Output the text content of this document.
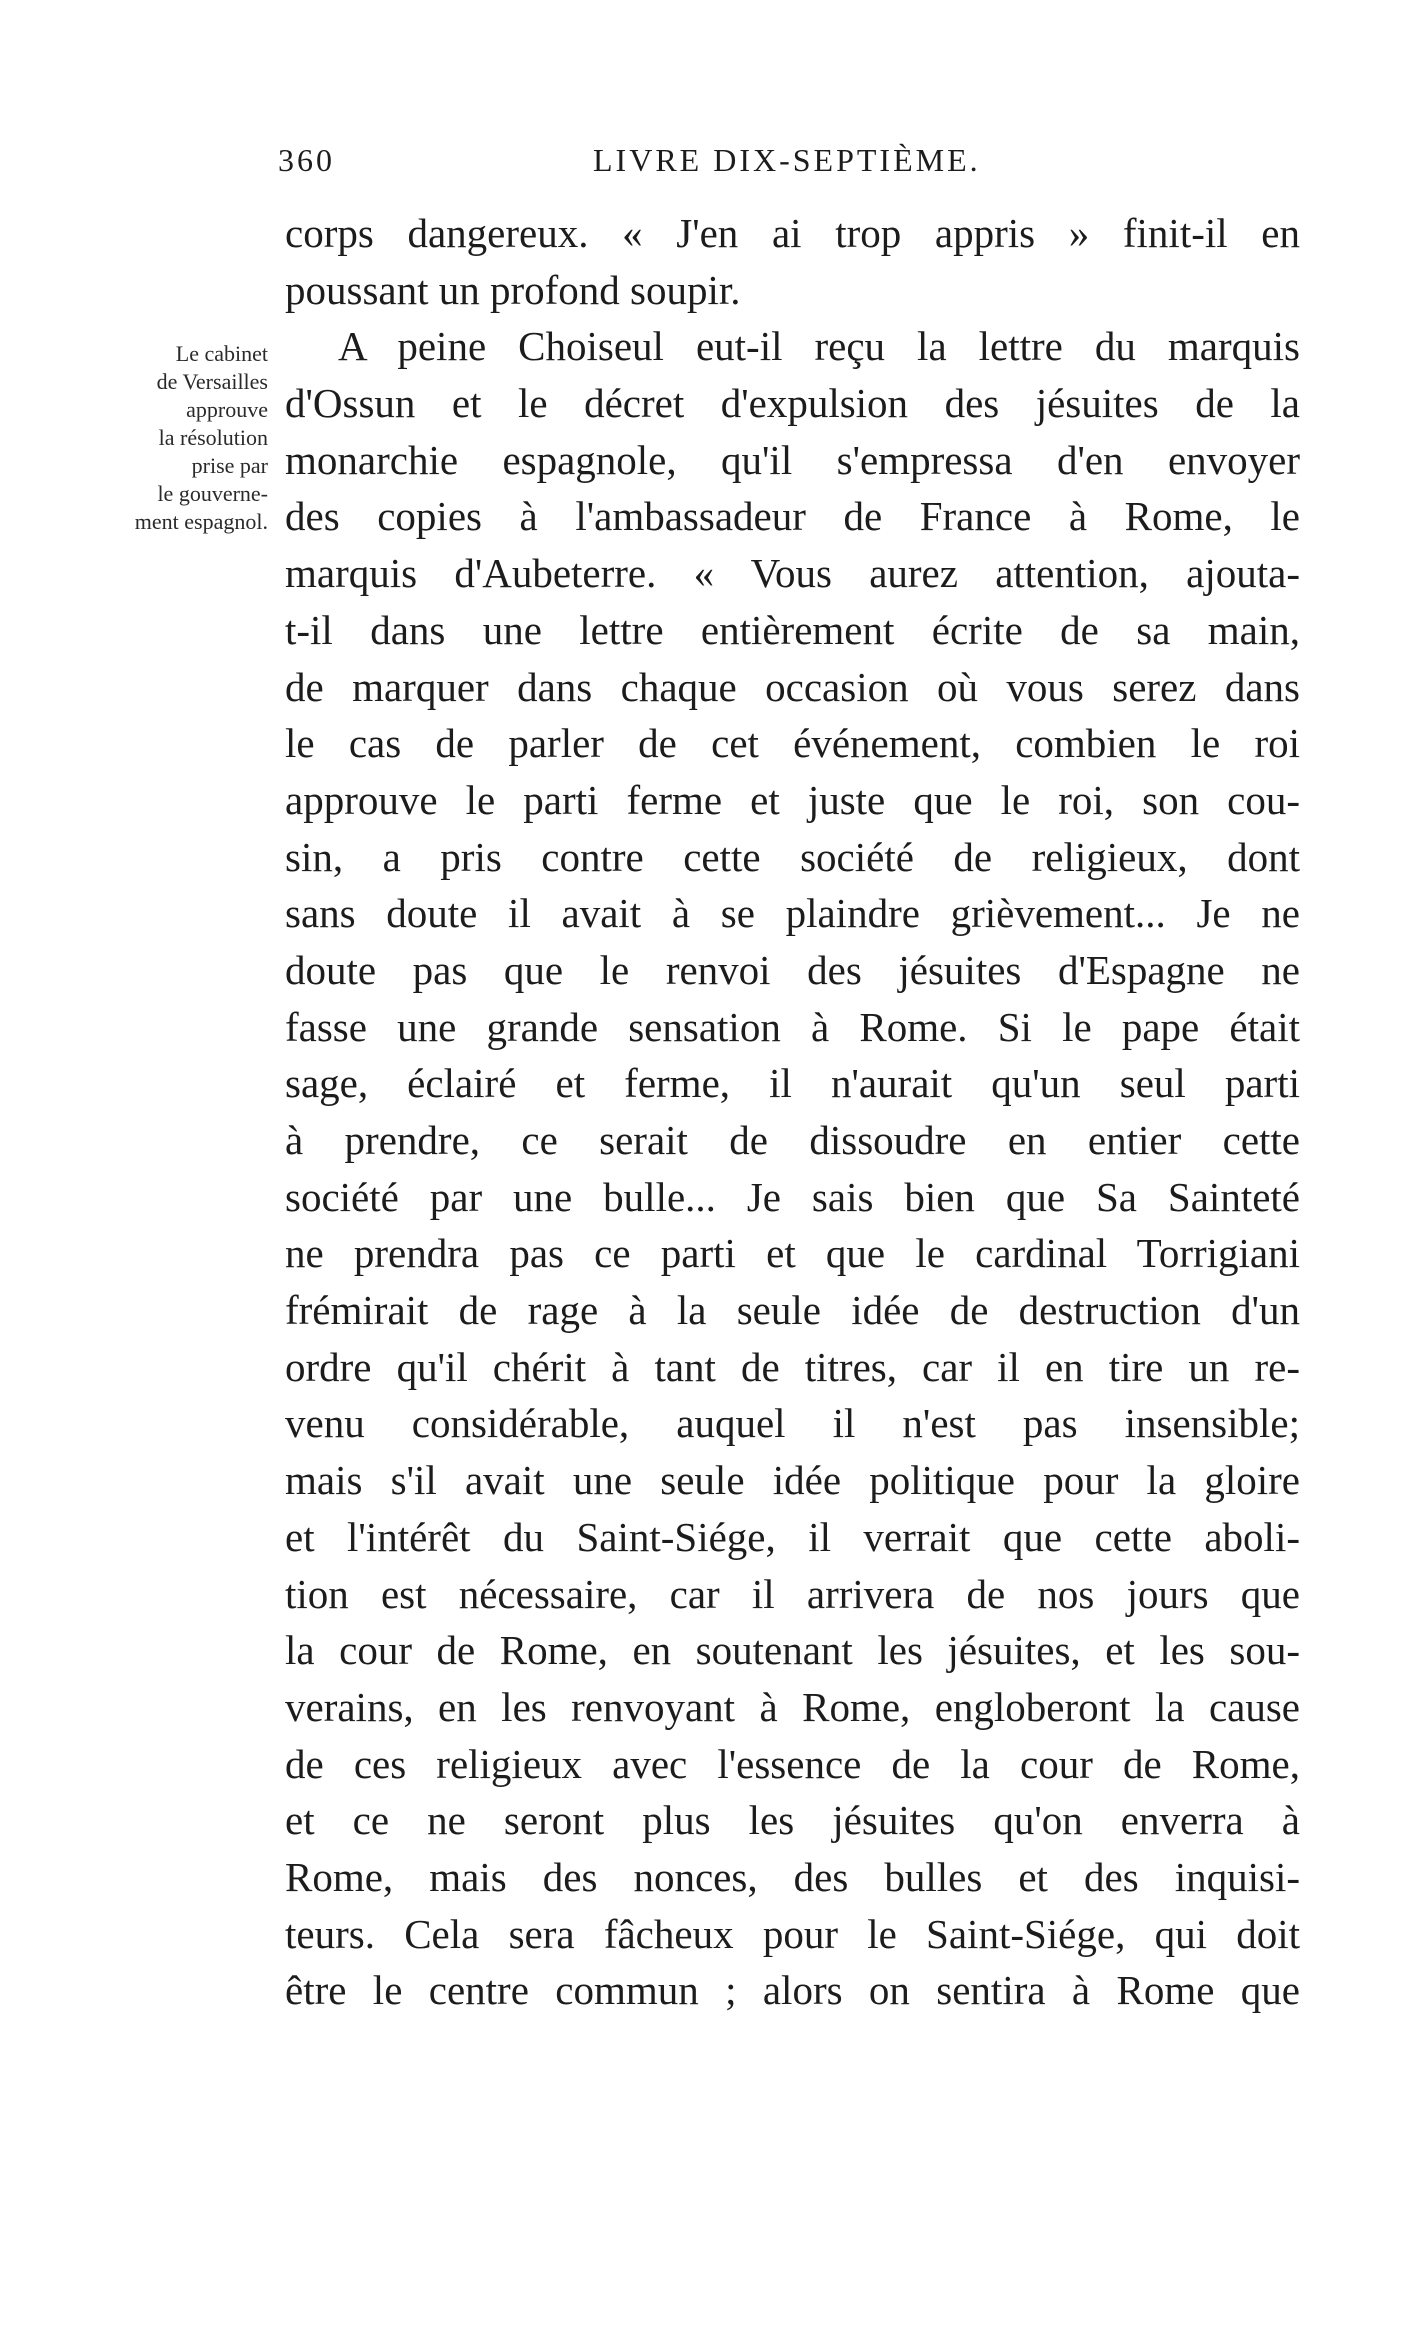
360	LIVRE DIX-SEPTIÈME.
Le cabinet
de Versailles
approuve
la résolution
prise par
le gouverne-
ment espagnol.
corps dangereux. « J'en ai trop appris » finit-il en
poussant un profond soupir.
A peine Choiseul eut-il reçu la lettre du marquis
d'Ossun et le décret d'expulsion des jésuites de la
monarchie espagnole, qu'il s'empressa d'en envoyer
des copies à l'ambassadeur de France à Rome, le
marquis d'Aubeterre. « Vous aurez attention, ajouta-
t-il dans une lettre entièrement écrite de sa main,
de marquer dans chaque occasion où vous serez dans
le cas de parler de cet événement, combien le roi
approuve le parti ferme et juste que le roi, son cou-
sin, a pris contre cette société de religieux, dont
sans doute il avait à se plaindre grièvement... Je ne
doute pas que le renvoi des jésuites d'Espagne ne
fasse une grande sensation à Rome. Si le pape était
sage, éclairé et ferme, il n'aurait qu'un seul parti
à prendre, ce serait de dissoudre en entier cette
société par une bulle... Je sais bien que Sa Sainteté
ne prendra pas ce parti et que le cardinal Torrigiani
frémirait de rage à la seule idée de destruction d'un
ordre qu'il chérit à tant de titres, car il en tire un re-
venu considérable, auquel il n'est pas insensible;
mais s'il avait une seule idée politique pour la gloire
et l'intérêt du Saint-Siége, il verrait que cette aboli-
tion est nécessaire, car il arrivera de nos jours que
la cour de Rome, en soutenant les jésuites, et les sou-
verains, en les renvoyant à Rome, engloberont la cause
de ces religieux avec l'essence de la cour de Rome,
et ce ne seront plus les jésuites qu'on enverra à
Rome, mais des nonces, des bulles et des inquisi-
teurs. Cela sera fâcheux pour le Saint-Siége, qui doit
être le centre commun ; alors on sentira à Rome que
